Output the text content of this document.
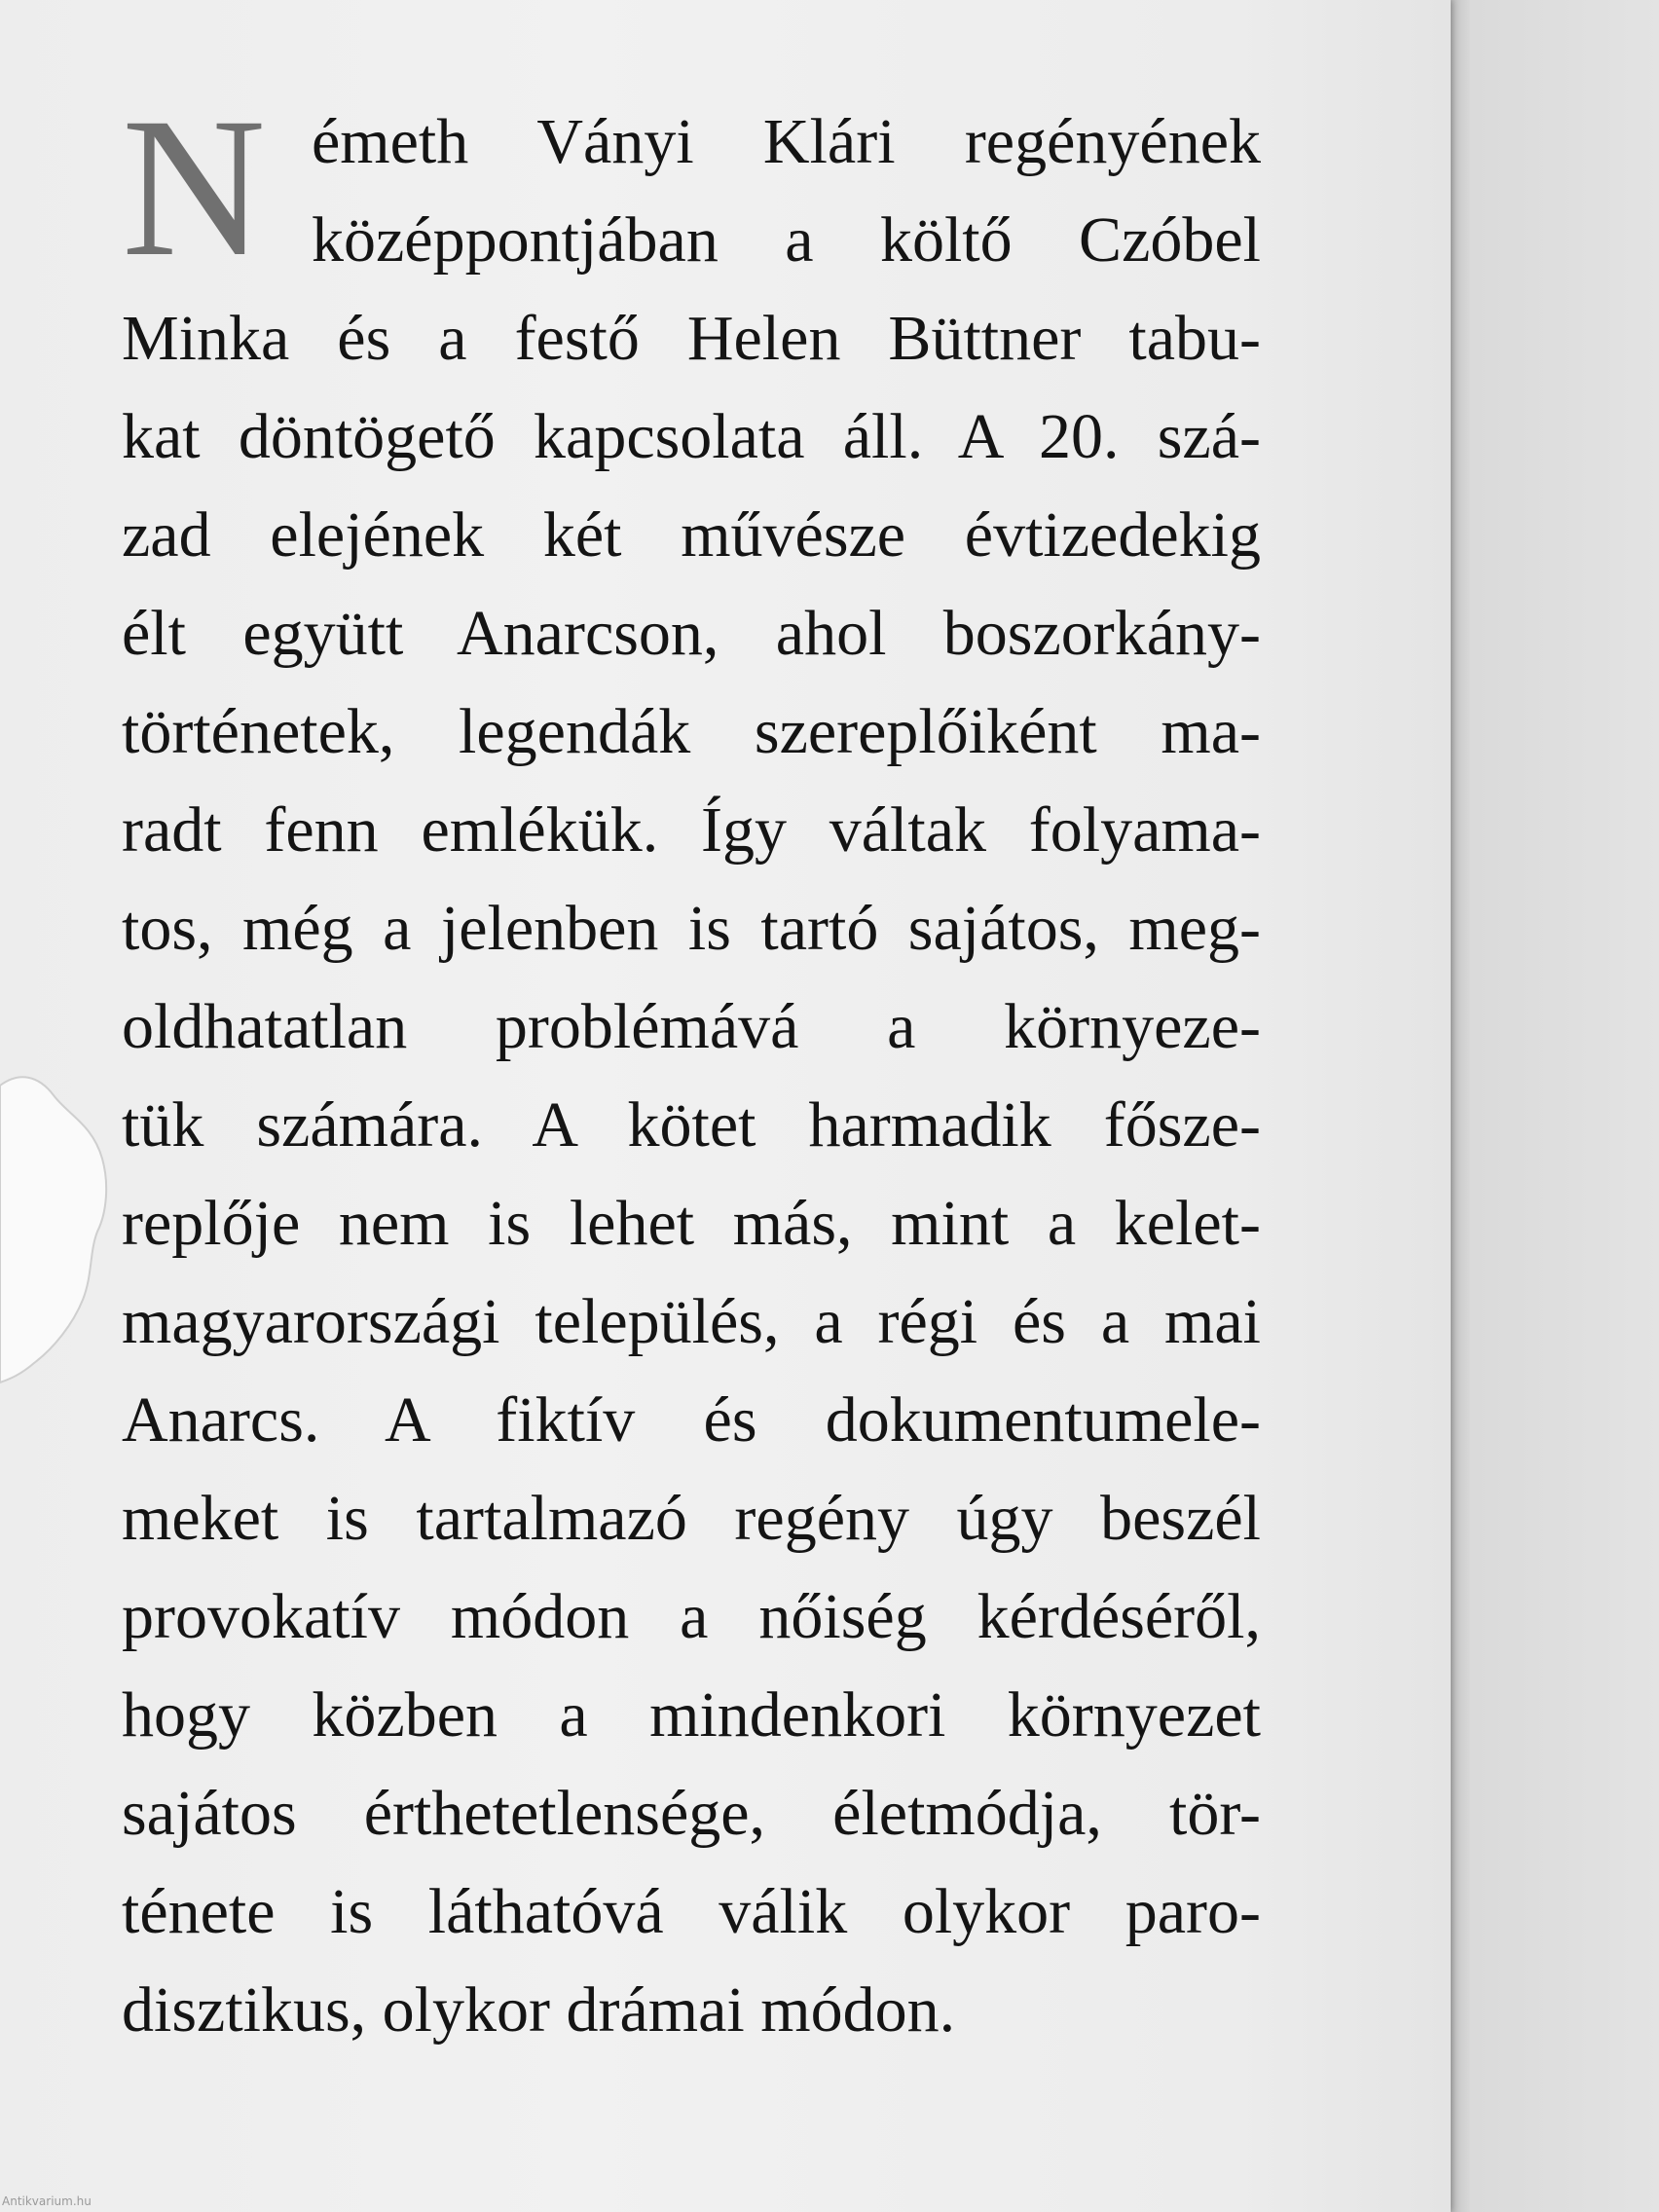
N émeth Ványi Klári regényének
középpontjában a költő Czóbel
Minka és a festő Helen Büttner tabu-
kat döntögető kapcsolata áll. A 20. szá-
zad elejének két művésze évtizedekig
élt együtt Anarcson, ahol boszorkány-
történetek, legendák szereplőiként ma-
radt fenn emlékük. Így váltak folyama-
tos, még a jelenben is tartó sajátos, meg-
oldhatatlan problémává a környeze-
tük számára. A kötet harmadik fősze-
replője nem is lehet más, mint a kelet-
magyarországi település, a régi és a mai
Anarcs. A fiktív és dokumentumele-
meket is tartalmazó regény úgy beszél
provokatív módon a nőiség kérdéséről,
hogy közben a mindenkori környezet
sajátos érthetetlensége, életmódja, tör-
ténete is láthatóvá válik olykor paro-
disztikus, olykor drámai módon.
Antikvarium.hu
